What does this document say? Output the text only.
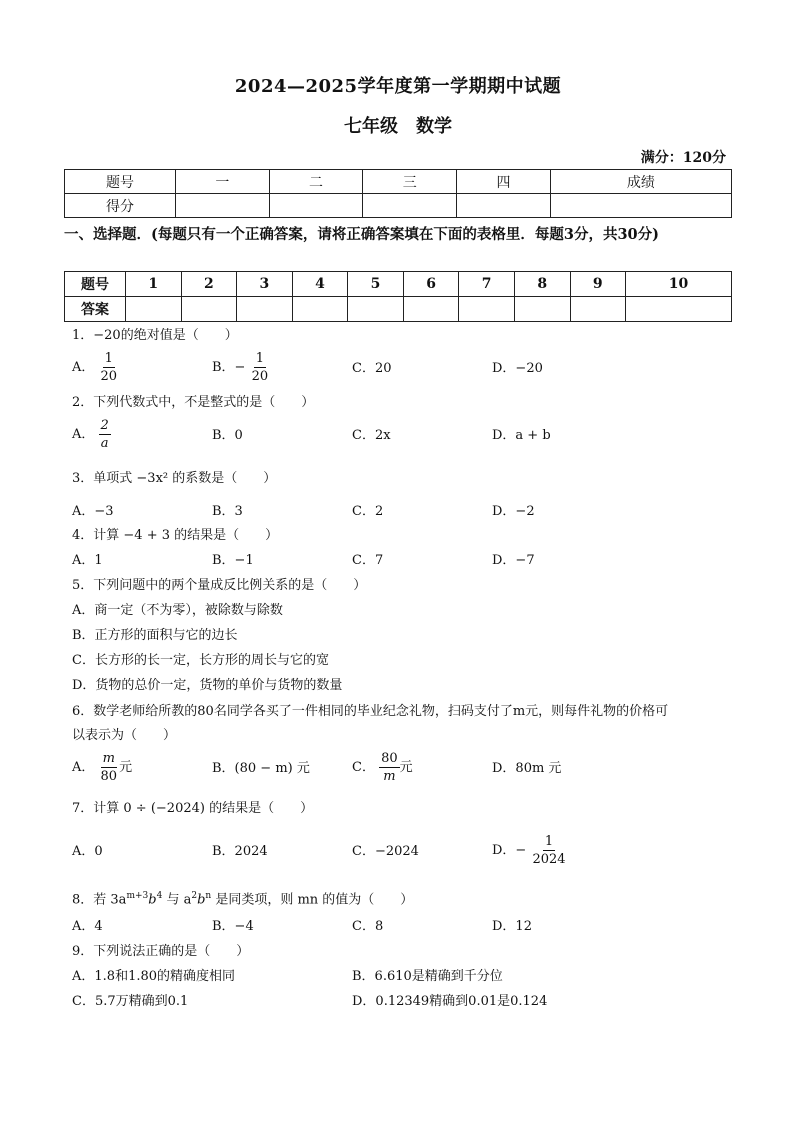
2024—2025学年度第一学期期中试题
七年级　数学
满分：120分
题号	一	二	三	四	成绩
得分					
一、选择题．(每题只有一个正确答案，请将正确答案填在下面的表格里．每题3分，共30分)
题号	1	2	3	4	5	6	7	8	9	10
答案										
1．−20的绝对值是（　　）
A． $\frac{1}{20}$	B．− $\frac{1}{20}$	C．20	D．−20
2．下列代数式中，不是整式的是（　　）
A． $\frac{2}{a}$	B．0	C．2x	D．a + b
3．单项式 −3x² 的系数是（　　）
A．−3	B．3	C．2	D．−2
4．计算 −4 + 3 的结果是（　　）
A．1	B．−1	C．7	D．−7
5．下列问题中的两个量成反比例关系的是（　　）
A．商一定（不为零），被除数与除数
B．正方形的面积与它的边长
C．长方形的长一定，长方形的周长与它的宽
D．货物的总价一定，货物的单价与货物的数量
6．数学老师给所教的80名同学各买了一件相同的毕业纪念礼物，扫码支付了m元，则每件礼物的价格可
以表示为（　　）
A． $\frac{m}{80}$ 元	B．(80 − m) 元	C． $\frac{80}{m}$ 元	D．80m 元
7．计算 0 ÷ (−2024) 的结果是（　　）
A．0	B．2024	C．−2024	D．− $\frac{1}{2024}$
8．若 $3a^{m+3}b^4$ 与 $a^2b^n$ 是同类项，则 mn 的值为（　　）
A．4	B．−4	C．8	D．12
9．下列说法正确的是（　　）
A．1.8和1.80的精确度相同	B．6.610是精确到千分位
C．5.7万精确到0.1	D．0.12349精确到0.01是0.124
